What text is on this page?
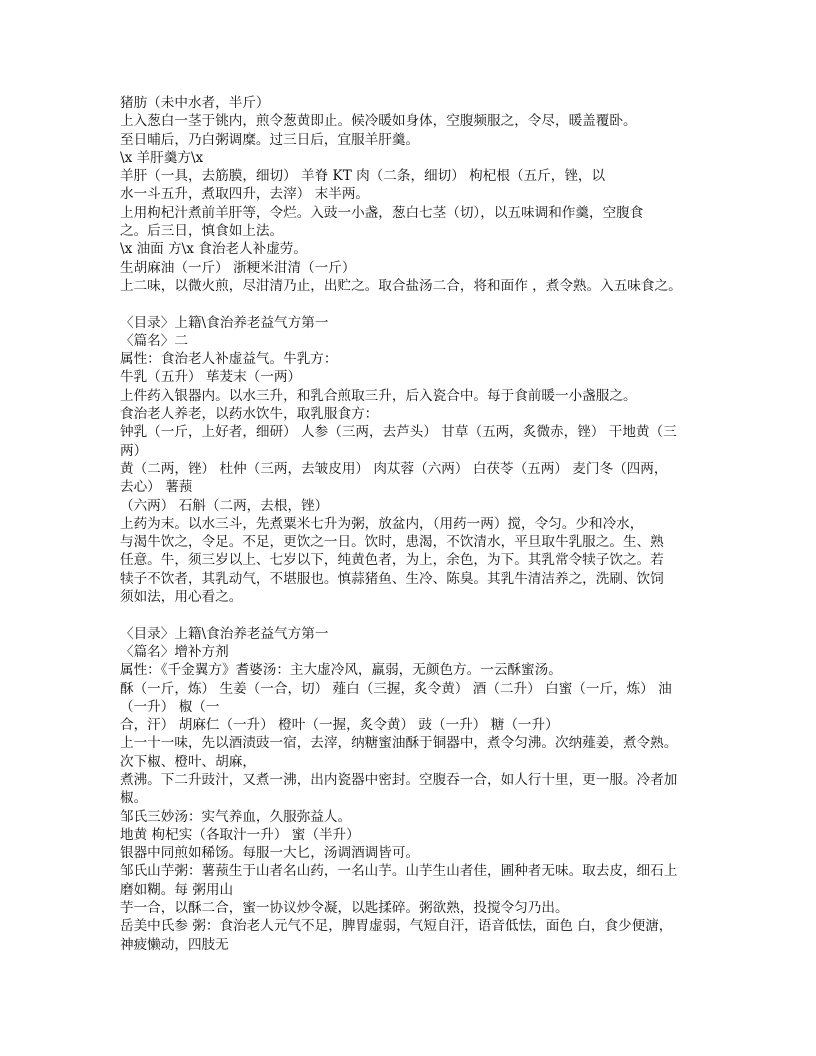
猪肪（未中水者，半斤）
上入葱白一茎于铫内，煎令葱黄即止。候冷暖如身体，空腹频服之，令尽，暖盖覆卧。
至日晡后，乃白粥调糜。过三日后，宜服羊肝羹。
\x 羊肝羹方\x
羊肝（一具，去筋膜，细切） 羊脊 KT 肉（二条，细切） 枸杞根（五斤，锉，以
水一斗五升，煮取四升，去滓） 末半两。
上用枸杞汁煮前羊肝等，令烂。入豉一小盏，葱白七茎（切），以五味调和作羹，空腹食
之。后三日，慎食如上法。
\x 油面 方\x 食治老人补虚劳。
生胡麻油（一斤） 浙粳米泔清（一斤）
上二味，以微火煎，尽泔清乃止，出贮之。取合盐汤二合，将和面作 ，煮令熟。入五味食之。
〈目录〉上籍\食治养老益气方第一
〈篇名〉二
属性：食治老人补虚益气。牛乳方：
牛乳（五升） 荜茇末（一两）
上件药入银器内。以水三升，和乳合煎取三升，后入瓷合中。每于食前暖一小盏服之。
食治老人养老，以药水饮牛，取乳服食方：
钟乳（一斤，上好者，细研） 人参（三两，去芦头） 甘草（五两，炙微赤，锉） 干地黄（三
两）
黄（二两，锉） 杜仲（三两，去皱皮用） 肉苁蓉（六两） 白茯苓（五两） 麦门冬（四两，
去心） 薯蓣
（六两） 石斛（二两，去根，锉）
上药为末。以水三斗，先煮粟米七升为粥，放盆内，（用药一两）搅，令匀。少和冷水，
与渴牛饮之，令足。不足，更饮之一日。饮时，患渴，不饮清水，平旦取牛乳服之。生、熟
任意。牛，须三岁以上、七岁以下，纯黄色者，为上，余色，为下。其乳常令犊子饮之。若
犊子不饮者，其乳动气，不堪服也。慎蒜猪鱼、生冷、陈臭。其乳牛清洁养之，洗刷、饮饲
须如法，用心看之。
〈目录〉上籍\食治养老益气方第一
〈篇名〉增补方剂
属性：《千金翼方》耆婆汤：主大虚冷风，羸弱，无颜色方。一云酥蜜汤。
酥（一斤，炼） 生姜（一合，切） 薤白（三握，炙令黄） 酒（二升） 白蜜（一斤，炼） 油
（一升） 椒（一
合，汗） 胡麻仁（一升） 橙叶（一握，炙令黄） 豉（一升） 糖（一升）
上一十一味，先以酒渍豉一宿，去滓，纳糖蜜油酥于铜器中，煮令匀沸。次纳薤姜，煮令熟。
次下椒、橙叶、胡麻，
煮沸。下二升豉汁，又煮一沸，出内瓷器中密封。空腹吞一合，如人行十里，更一服。冷者加
椒。
邹氏三妙汤：实气养血，久服弥益人。
地黄 枸杞实（各取汁一升） 蜜（半升）
银器中同煎如稀饧。每服一大匕，汤调酒调皆可。
邹氏山芋粥：薯蓣生于山者名山药，一名山芋。山芋生山者佳，圃种者无味。取去皮，细石上
磨如糊。每 粥用山
芋一合，以酥二合，蜜一协议炒令凝，以匙揉碎。粥欲熟，投搅令匀乃出。
岳美中氏参 粥：食治老人元气不足，脾胃虚弱，气短自汗，语音低怯，面色 白，食少便溏，
神疲懒动，四肢无
